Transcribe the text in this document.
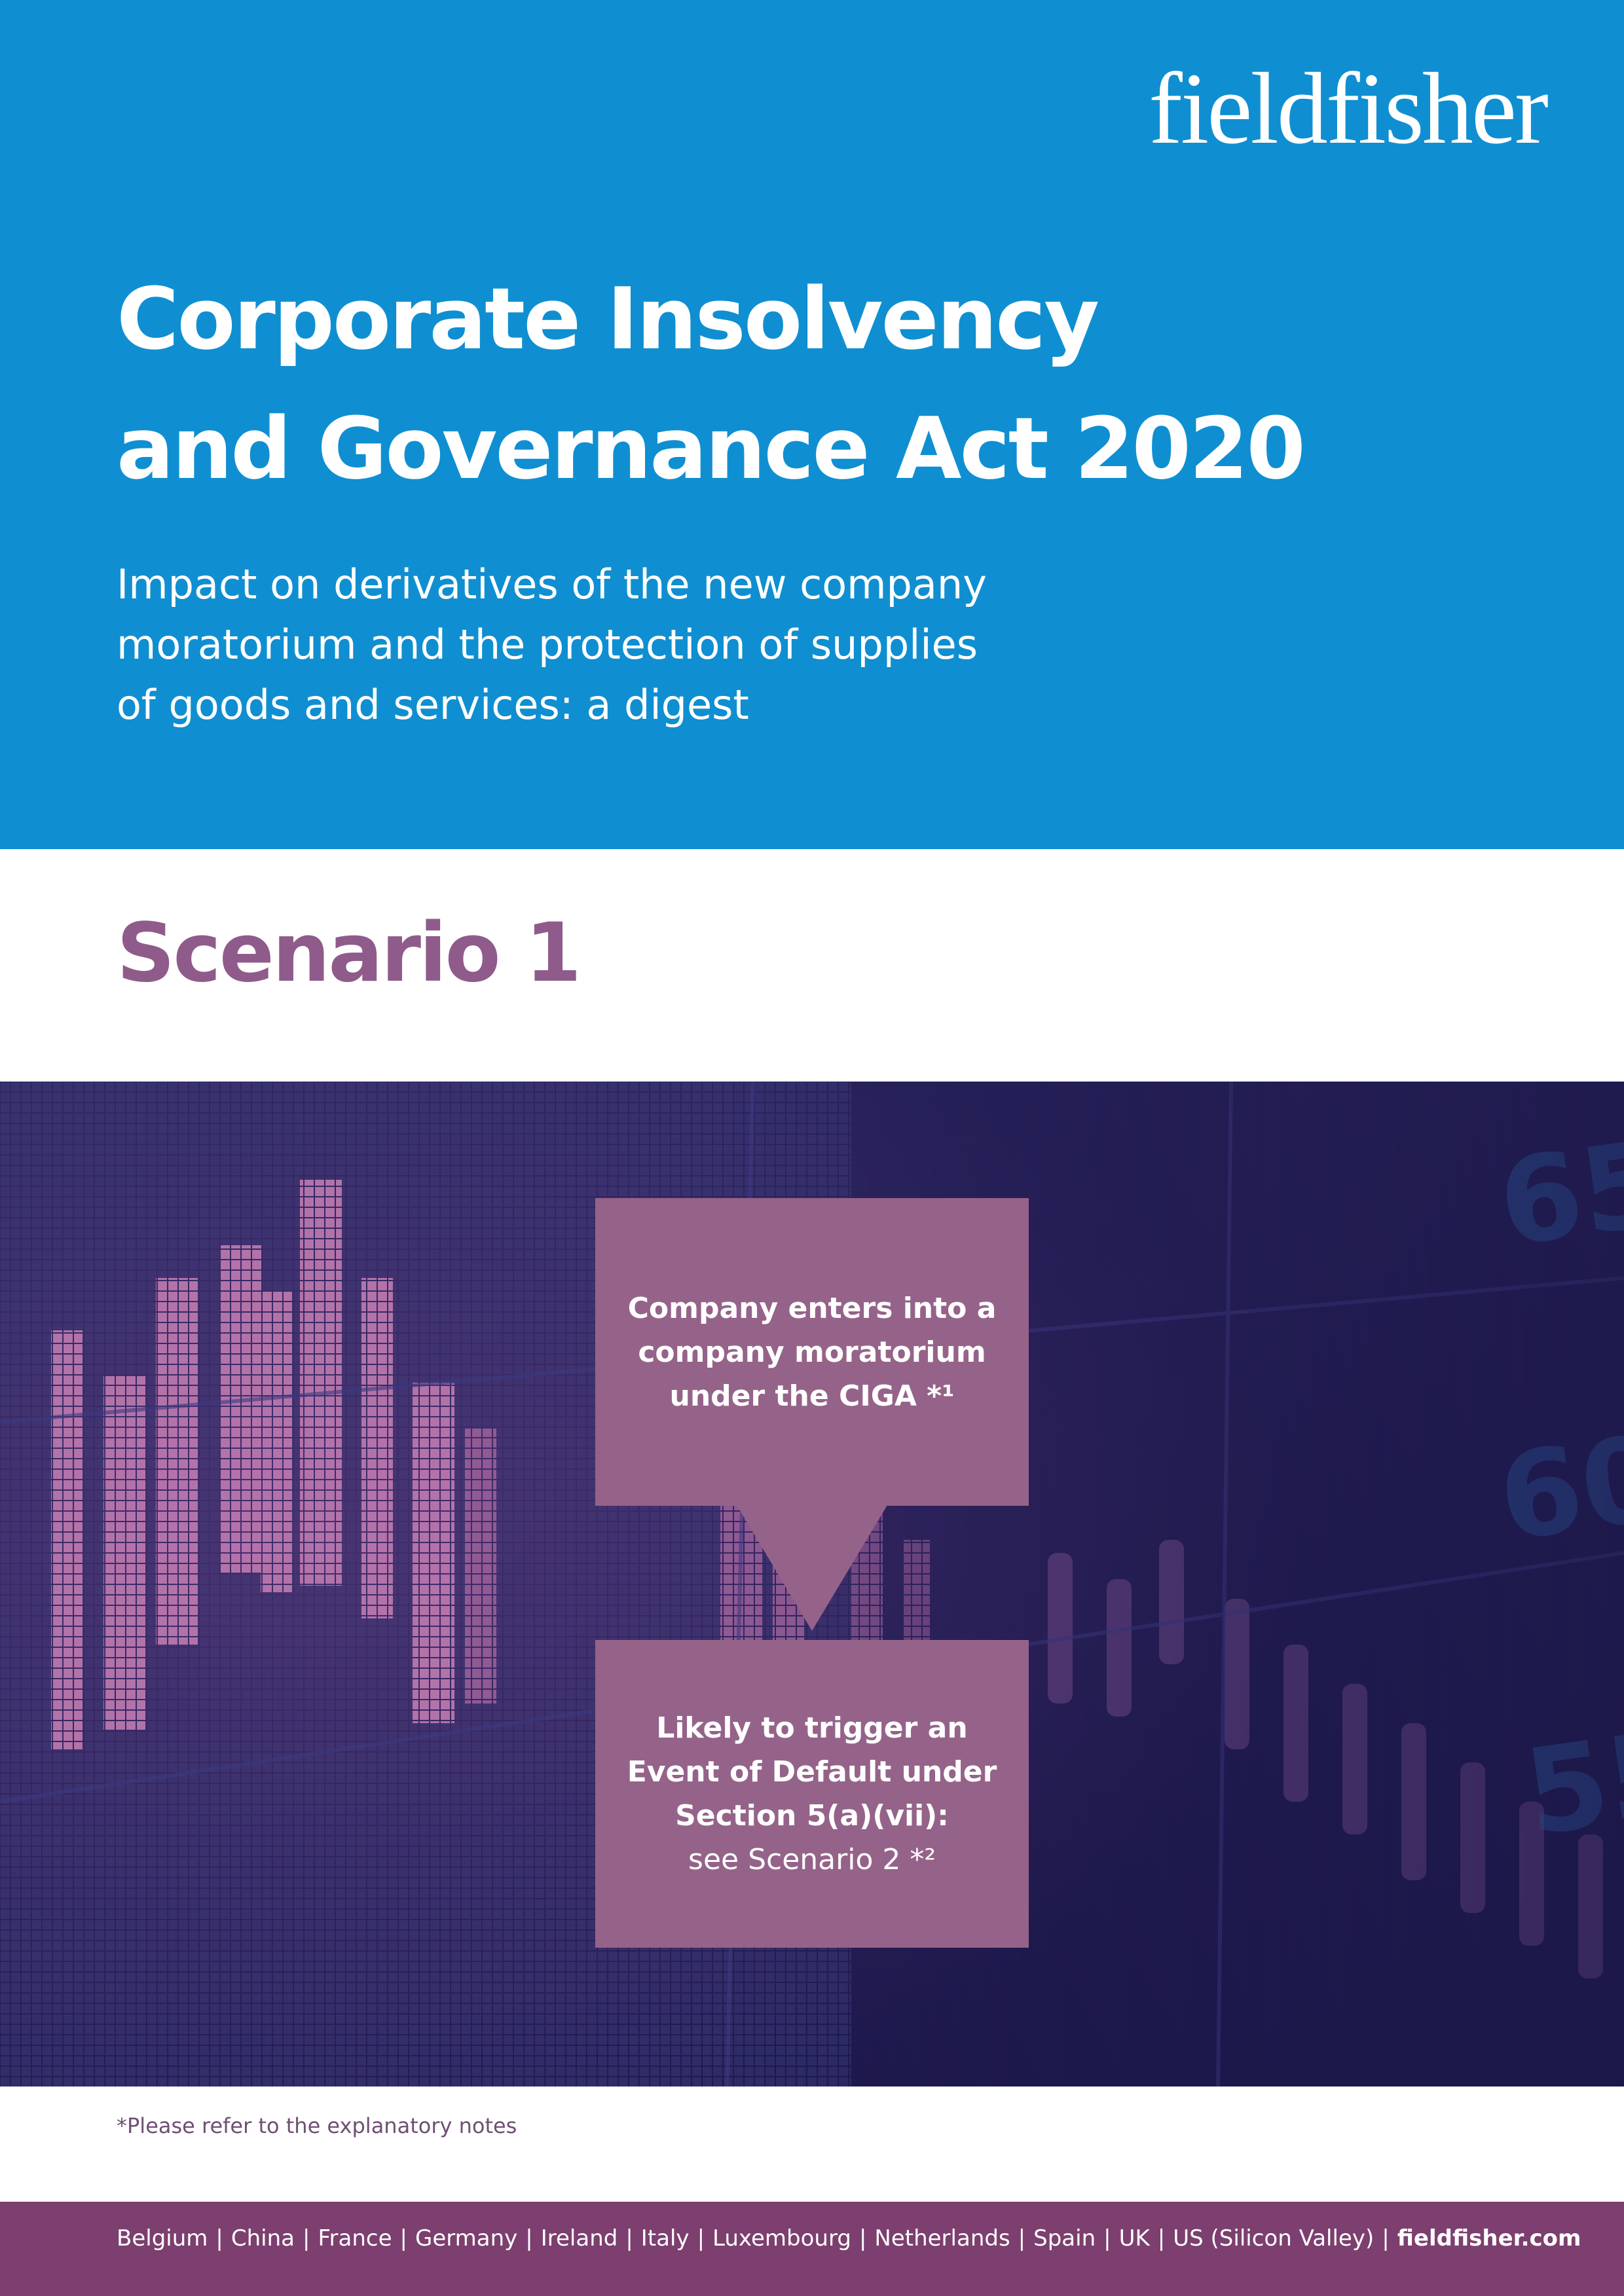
fieldfisher
Corporate Insolvency
and Governance Act 2020
Impact on derivatives of the new company
moratorium and the protection of supplies
of goods and services: a digest
Scenario 1
Company enters into a
company moratorium
under the CIGA *¹
Likely to trigger an
Event of Default under
Section 5(a)(vii):
see Scenario 2 *²
*Please refer to the explanatory notes
Belgium | China | France | Germany | Ireland | Italy | Luxembourg | Netherlands | Spain | UK | US (Silicon Valley) | fieldfisher.com
